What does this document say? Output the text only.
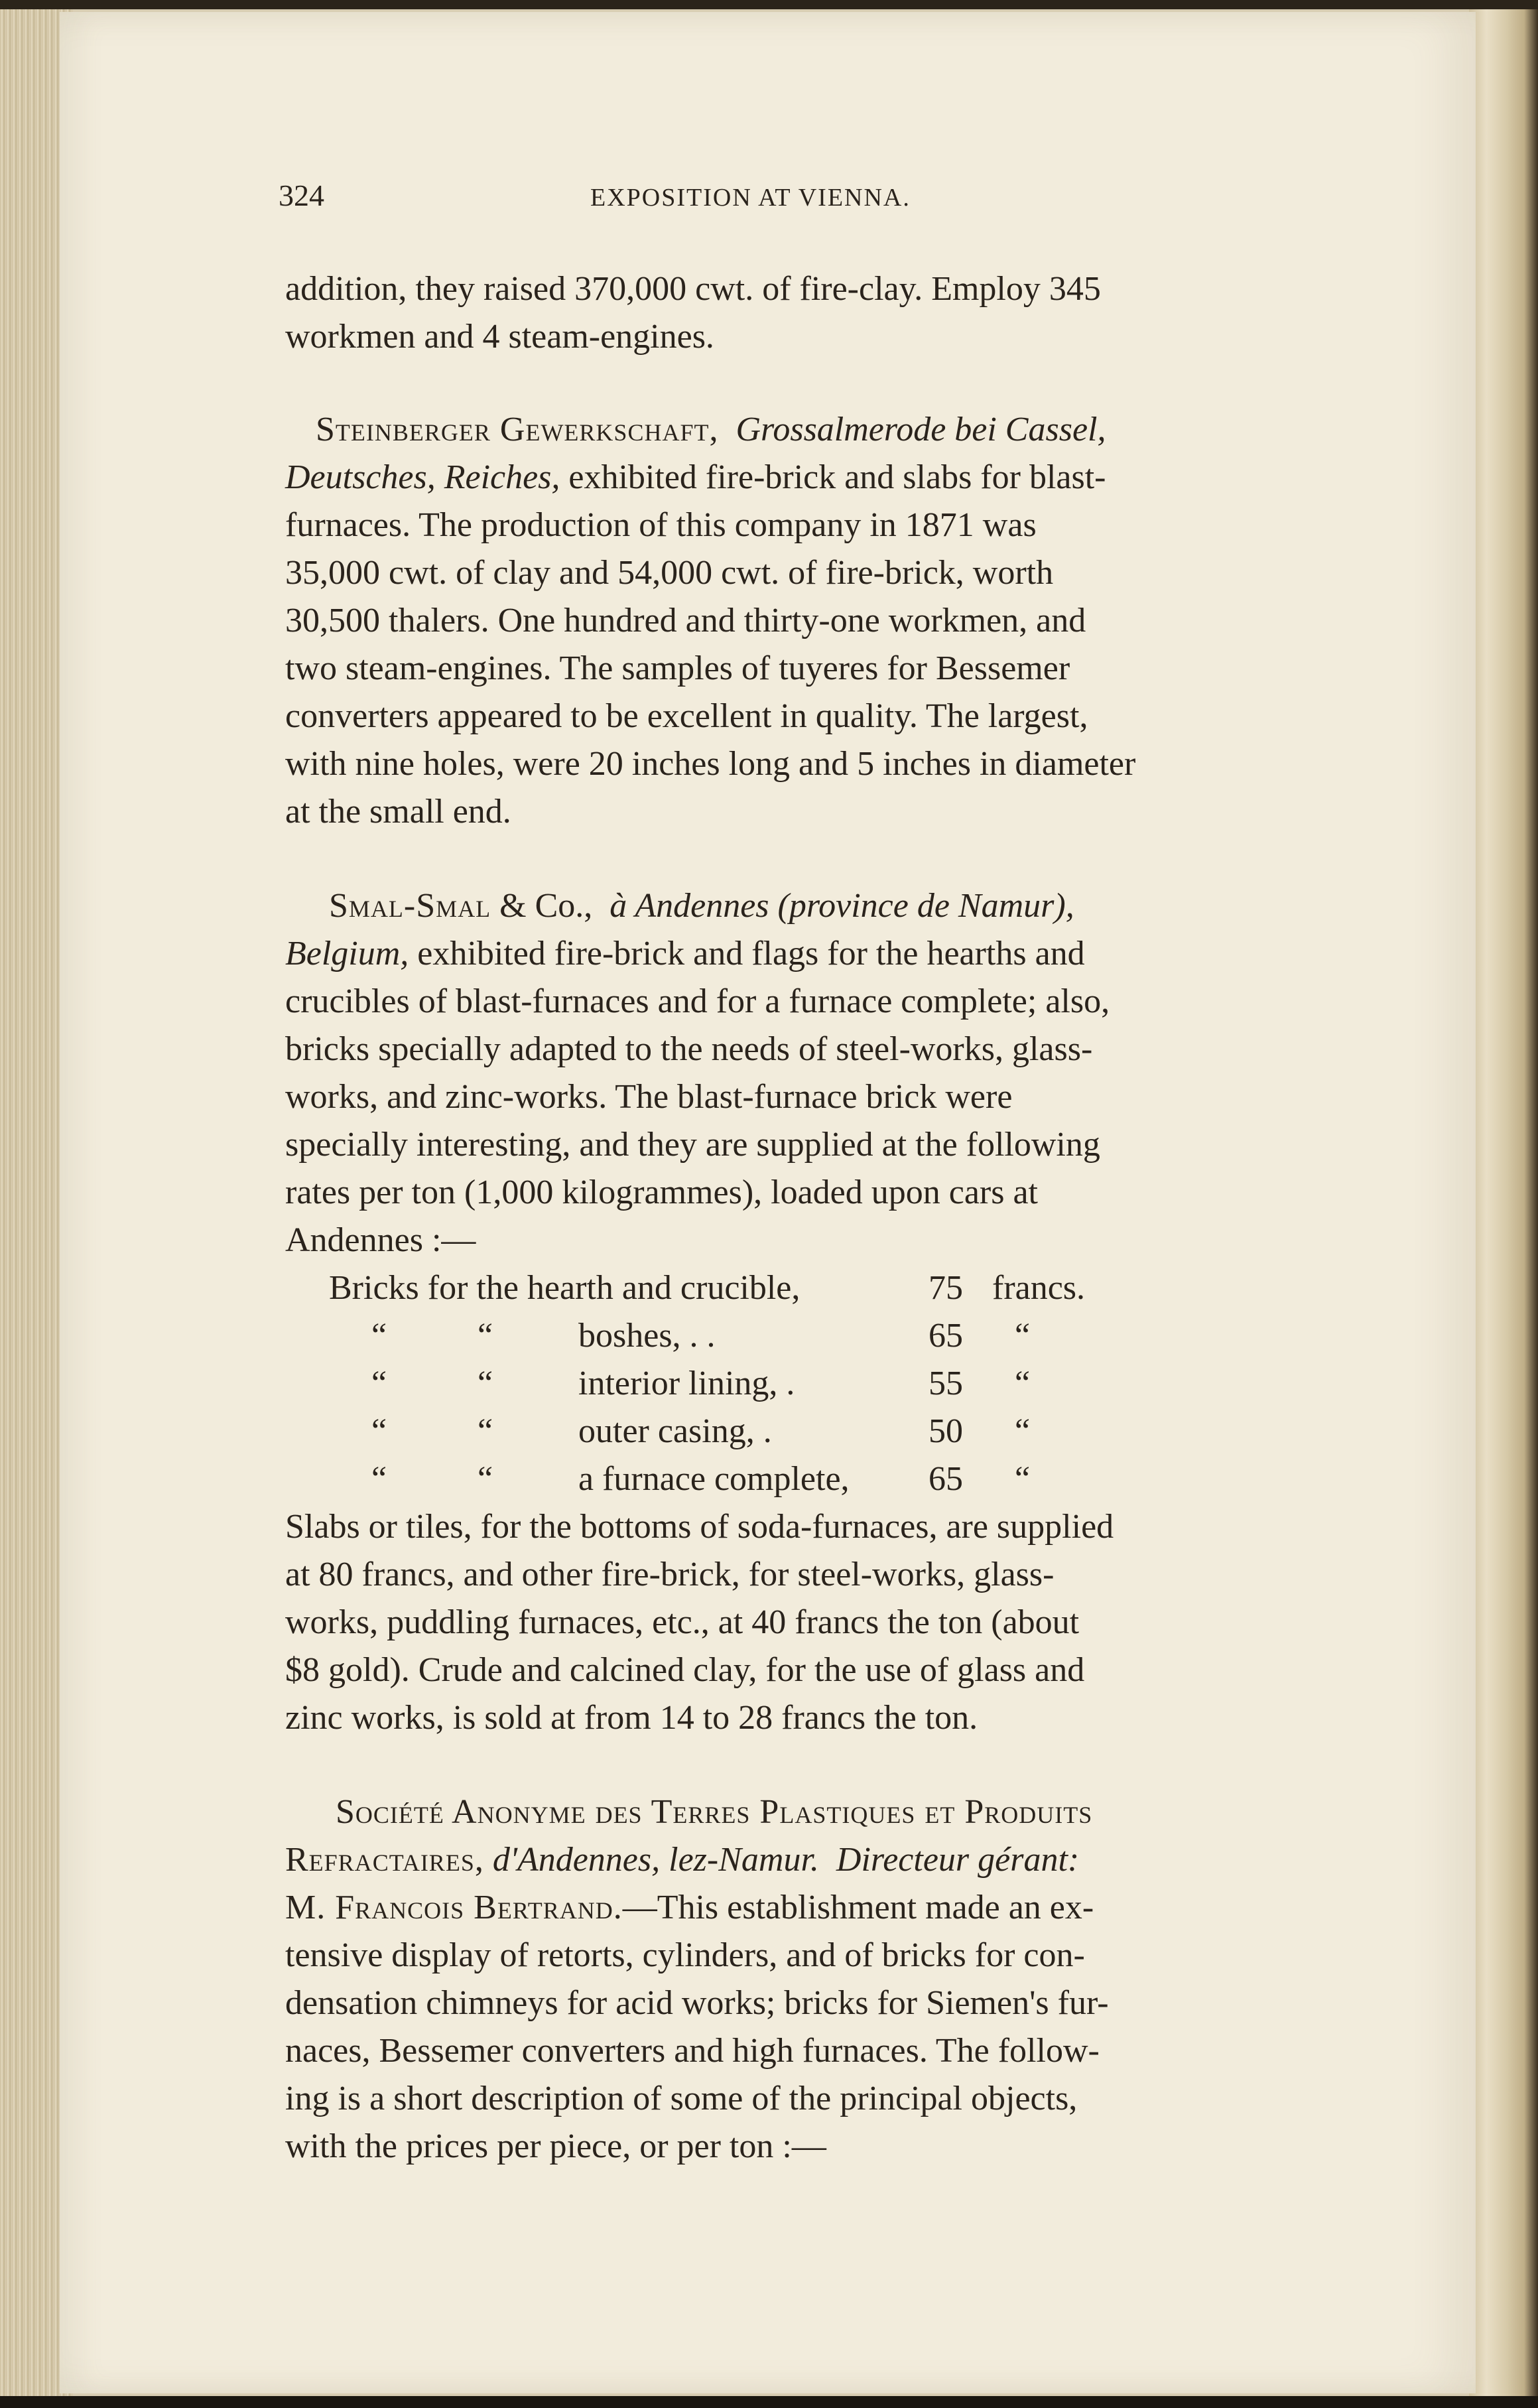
324	EXPOSITION AT VIENNA.
addition, they raised 370,000 cwt. of fire-clay. Employ 345
workmen and 4 steam-engines.
Steinberger Gewerkschaft, Grossalmerode bei Cassel,
Deutsches, Reiches, exhibited fire-brick and slabs for blast-
furnaces. The production of this company in 1871 was
35,000 cwt. of clay and 54,000 cwt. of fire-brick, worth
30,500 thalers. One hundred and thirty-one workmen, and
two steam-engines. The samples of tuyeres for Bessemer
converters appeared to be excellent in quality. The largest,
with nine holes, were 20 inches long and 5 inches in diameter
at the small end.
Smal-Smal & Co., à Andennes (province de Namur),
Belgium, exhibited fire-brick and flags for the hearths and
crucibles of blast-furnaces and for a furnace complete; also,
bricks specially adapted to the needs of steel-works, glass-
works, and zinc-works. The blast-furnace brick were
specially interesting, and they are supplied at the following
rates per ton (1,000 kilogrammes), loaded upon cars at
Andennes :—
Bricks for the hearth and crucible,	75 francs.
“	“ boshes, . .	65 “
“	“ interior lining, .	55 “
“	“ outer casing, .	50 “
“	“ a furnace complete, 65 “
Slabs or tiles, for the bottoms of soda-furnaces, are supplied
at 80 francs, and other fire-brick, for steel-works, glass-
works, puddling furnaces, etc., at 40 francs the ton (about
$8 gold). Crude and calcined clay, for the use of glass and
zinc works, is sold at from 14 to 28 francs the ton.
Société Anonyme des Terres Plastiques et Produits
Refractaires, d'Andennes, lez-Namur. Directeur gérant:
M. Francois Bertrand.—This establishment made an ex-
tensive display of retorts, cylinders, and of bricks for con-
densation chimneys for acid works; bricks for Siemen's fur-
naces, Bessemer converters and high furnaces. The follow-
ing is a short description of some of the principal objects,
with the prices per piece, or per ton :—
